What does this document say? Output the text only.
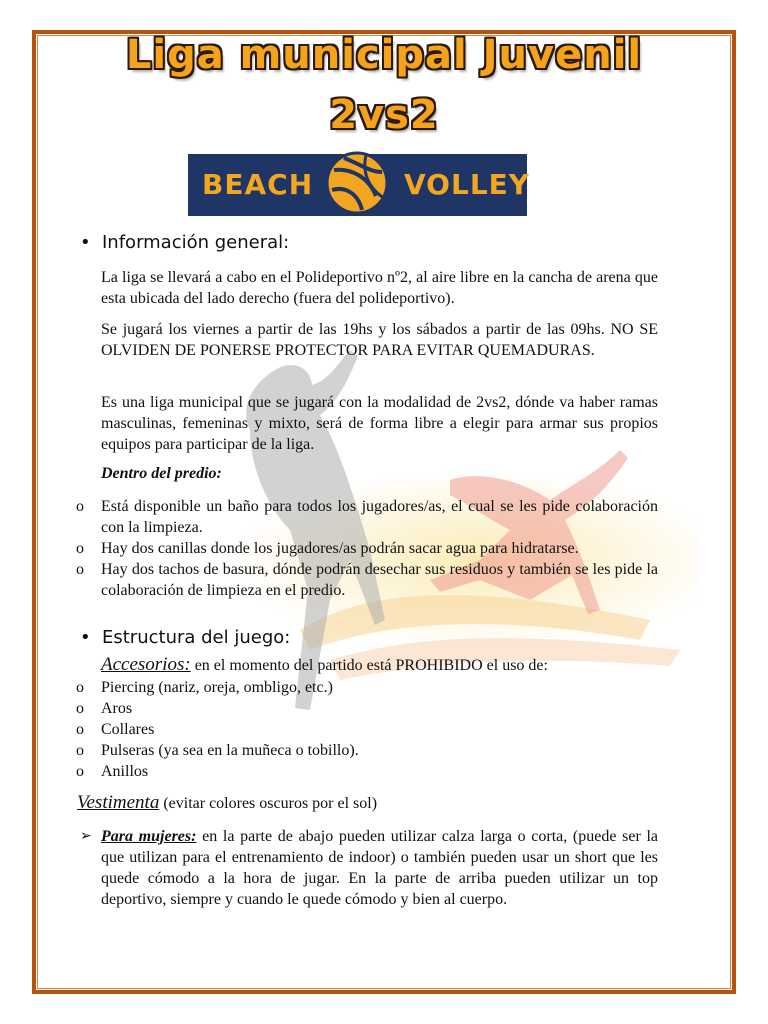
Liga municipal Juvenil
2vs2
BEACH	VOLLEY
• Información general:
La liga se llevará a cabo en el Polideportivo nº2, al aire libre en la cancha de arena que esta ubicada del lado derecho (fuera del polideportivo).
Se jugará los viernes a partir de las 19hs y los sábados a partir de las 09hs. NO SE OLVIDEN DE PONERSE PROTECTOR PARA EVITAR QUEMADURAS.
Es una liga municipal que se jugará con la modalidad de 2vs2, dónde va haber ramas masculinas, femeninas y mixto, será de forma libre a elegir para armar sus propios equipos para participar de la liga.
Dentro del predio:
o	Está disponible un baño para todos los jugadores/as, el cual se les pide colaboración con la limpieza.
o	Hay dos canillas donde los jugadores/as podrán sacar agua para hidratarse.
o	Hay dos tachos de basura, dónde podrán desechar sus residuos y también se les pide la colaboración de limpieza en el predio.
• Estructura del juego:
Accesorios: en el momento del partido está PROHIBIDO el uso de:
o	Piercing (nariz, oreja, ombligo, etc.)
o	Aros
o	Collares
o	Pulseras (ya sea en la muñeca o tobillo).
o	Anillos
Vestimenta (evitar colores oscuros por el sol)
➢ Para mujeres: en la parte de abajo pueden utilizar calza larga o corta, (puede ser la que utilizan para el entrenamiento de indoor) o también pueden usar un short que les quede cómodo a la hora de jugar. En la parte de arriba pueden utilizar un top deportivo, siempre y cuando le quede cómodo y bien al cuerpo.
